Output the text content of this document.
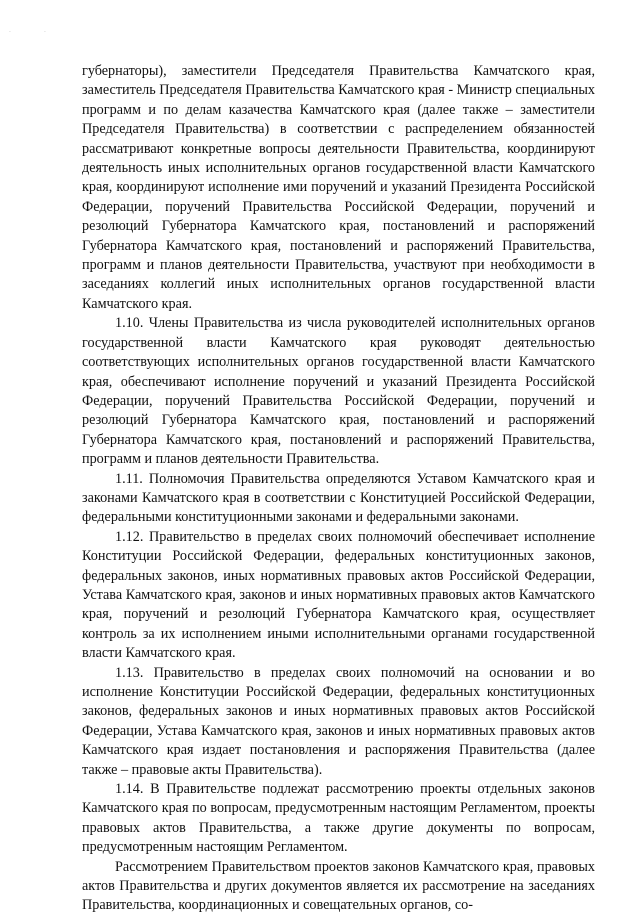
·	·

губернаторы), заместители Председателя Правительства Камчатского края, заместитель Председателя Правительства Камчатского края - Министр специальных программ и по делам казачества Камчатского края (далее также – заместители Председателя Правительства) в соответствии с распределением обязанностей рассматривают конкретные вопросы деятельности Правительства, координируют деятельность иных исполнительных органов государственной власти Камчатского края, координируют исполнение ими поручений и указаний Президента Российской Федерации, поручений Правительства Российской Федерации, поручений и резолюций Губернатора Камчатского края, постановлений и распоряжений Губернатора Камчатского края, постановлений и распоряжений Правительства, программ и планов деятельности Правительства, участвуют при необходимости в заседаниях коллегий иных исполнительных органов государственной власти Камчатского края.

1.10. Члены Правительства из числа руководителей исполнительных органов государственной власти Камчатского края руководят деятельностью соответствующих исполнительных органов государственной власти Камчатского края, обеспечивают исполнение поручений и указаний Президента Российской Федерации, поручений Правительства Российской Федерации, поручений и резолюций Губернатора Камчатского края, постановлений и распоряжений Губернатора Камчатского края, постановлений и распоряжений Правительства, программ и планов деятельности Правительства.

1.11. Полномочия Правительства определяются Уставом Камчатского края и законами Камчатского края в соответствии с Конституцией Российской Федерации, федеральными конституционными законами и федеральными законами.

1.12. Правительство в пределах своих полномочий обеспечивает исполнение Конституции Российской Федерации, федеральных конституционных законов, федеральных законов, иных нормативных правовых актов Российской Федерации, Устава Камчатского края, законов и иных нормативных правовых актов Камчатского края, поручений и резолюций Губернатора Камчатского края, осуществляет контроль за их исполнением иными исполнительными органами государственной власти Камчатского края.

1.13. Правительство в пределах своих полномочий на основании и во исполнение Конституции Российской Федерации, федеральных конституционных законов, федеральных законов и иных нормативных правовых актов Российской Федерации, Устава Камчатского края, законов и иных нормативных правовых актов Камчатского края издает постановления и распоряжения Правительства (далее также – правовые акты Правительства).

1.14. В Правительстве подлежат рассмотрению проекты отдельных законов Камчатского края по вопросам, предусмотренным настоящим Регламентом, проекты правовых актов Правительства, а также другие документы по вопросам, предусмотренным настоящим Регламентом.

Рассмотрением Правительством проектов законов Камчатского края, правовых актов Правительства и других документов является их рассмотрение на заседаниях Правительства, координационных и совещательных органов, со-
